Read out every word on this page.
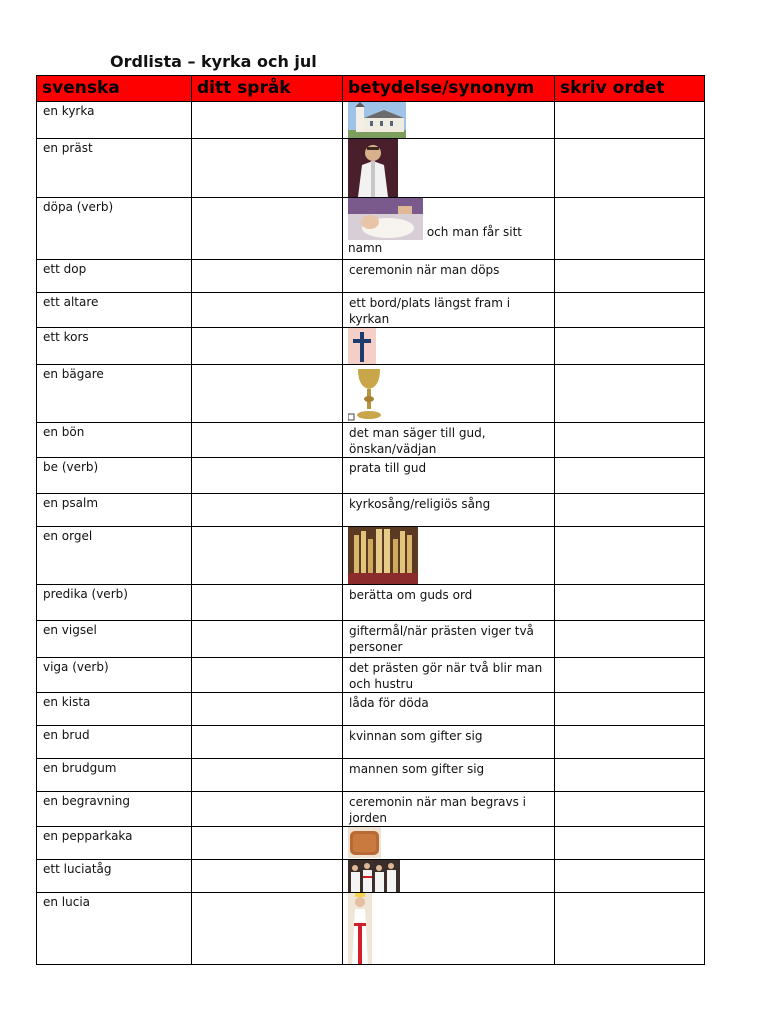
Ordlista – kyrka och jul
svenska	ditt språk	betydelse/synonym	skriv ordet

en kyrka

en präst

döpa (verb)		och man får sitt namn	

ett dop		ceremonin när man döps	

ett altare		ett bord/plats längst fram i kyrkan	

ett kors

en bägare

en bön		det man säger till gud, önskan/vädjan	

be (verb)		prata till gud	

en psalm		kyrkosång/religiös sång	

en orgel

predika (verb)		berätta om guds ord	

en vigsel		giftermål/när prästen viger två personer	

viga (verb)		det prästen gör när två blir man och hustru	

en kista		låda för döda	

en brud		kvinnan som gifter sig	

en brudgum		mannen som gifter sig	

en begravning		ceremonin när man begravs i jorden	

en pepparkaka

ett luciatåg

en lucia
